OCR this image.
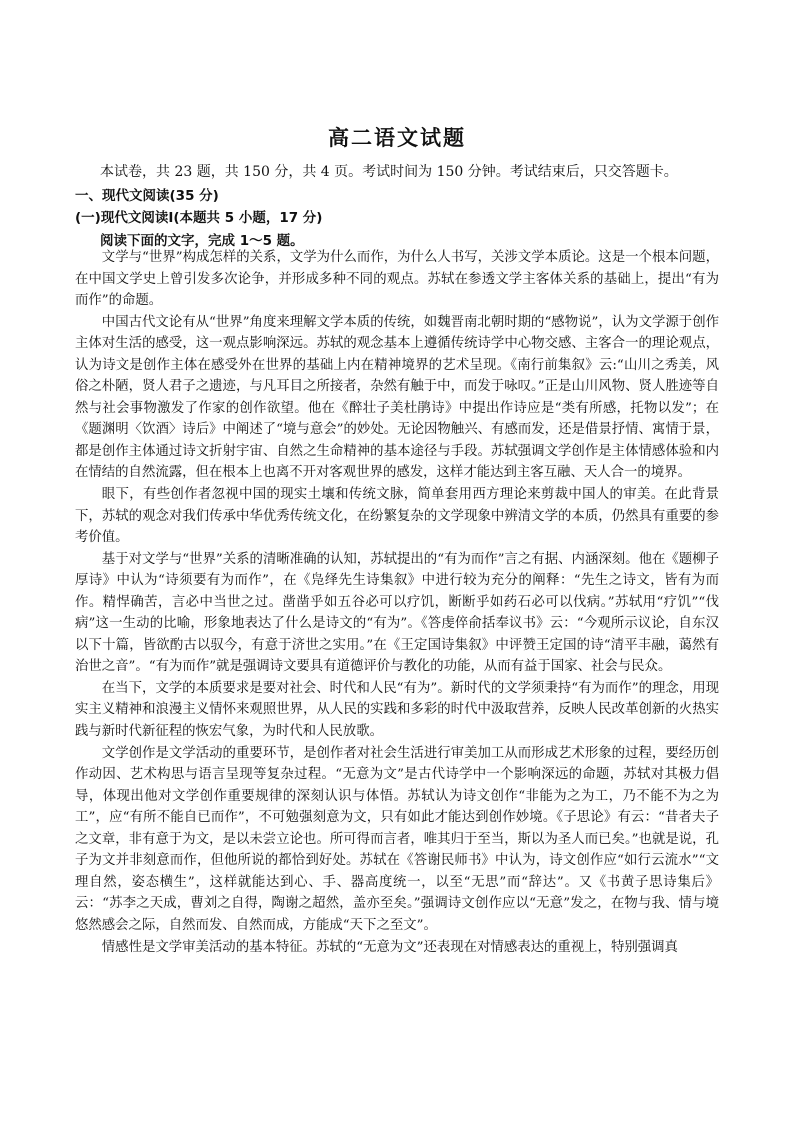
高二语文试题
本试卷，共 23 题，共 150 分，共 4 页。考试时间为 150 分钟。考试结束后，只交答题卡。
一、现代文阅读(35 分)
(一)现代文阅读Ⅰ(本题共 5 小题，17 分)
阅读下面的文字，完成 1～5 题。

文学与“世界”构成怎样的关系，文学为什么而作，为什么人书写，关涉文学本质论。这是一个根本问题，在中国文学史上曾引发多次论争，并形成多种不同的观点。苏轼在参透文学主客体关系的基础上，提出“有为而作”的命题。

中国古代文论有从“世界”角度来理解文学本质的传统，如魏晋南北朝时期的“感物说”，认为文学源于创作主体对生活的感受，这一观点影响深远。苏轼的观念基本上遵循传统诗学中心物交感、主客合一的理论观点，认为诗文是创作主体在感受外在世界的基础上内在精神境界的艺术呈现。《南行前集叙》云:“山川之秀美，风俗之朴陋，贤人君子之遗迹，与凡耳目之所接者，杂然有触于中，而发于咏叹。”正是山川风物、贤人胜迹等自然与社会事物激发了作家的创作欲望。他在《醉壮子美杜鹃诗》中提出作诗应是“类有所感，托物以发”；在《题渊明〈饮酒〉诗后》中阐述了“境与意会”的妙处。无论因物触兴、有感而发，还是借景抒情、寓情于景，都是创作主体通过诗文折射宇宙、自然之生命精神的基本途径与手段。苏轼强调文学创作是主体情感体验和内在情结的自然流露，但在根本上也离不开对客观世界的感发，这样才能达到主客互融、天人合一的境界。

眼下，有些创作者忽视中国的现实土壤和传统文脉，简单套用西方理论来剪裁中国人的审美。在此背景下，苏轼的观念对我们传承中华优秀传统文化，在纷繁复杂的文学现象中辨清文学的本质，仍然具有重要的参考价值。

基于对文学与“世界”关系的清晰准确的认知，苏轼提出的“有为而作”言之有据、内涵深刻。他在《题柳子厚诗》中认为“诗须要有为而作”，在《凫绎先生诗集叙》中进行较为充分的阐释：“先生之诗文，皆有为而作。精悍确苦，言必中当世之过。凿凿乎如五谷必可以疗饥，断断乎如药石必可以伐病。”苏轼用“疗饥”“伐病”这一生动的比喻，形象地表达了什么是诗文的“有为”。《答虔倅俞括奉议书》云：“今观所示议论，自东汉以下十篇，皆欲酌古以驭今，有意于济世之实用。”在《王定国诗集叙》中评赞王定国的诗“清平丰融，蔼然有治世之音”。“有为而作”就是强调诗文要具有道德评价与教化的功能，从而有益于国家、社会与民众。

在当下，文学的本质要求是要对社会、时代和人民“有为”。新时代的文学须秉持“有为而作”的理念，用现实主义精神和浪漫主义情怀来观照世界，从人民的实践和多彩的时代中汲取营养，反映人民改革创新的火热实践与新时代新征程的恢宏气象，为时代和人民放歌。

文学创作是文学活动的重要环节，是创作者对社会生活进行审美加工从而形成艺术形象的过程，要经历创作动因、艺术构思与语言呈现等复杂过程。“无意为文”是古代诗学中一个影响深远的命题，苏轼对其极力倡导，体现出他对文学创作重要规律的深刻认识与体悟。苏轼认为诗文创作“非能为之为工，乃不能不为之为工”，应“有所不能自已而作”，不可勉强刻意为文，只有如此才能达到创作妙境。《子思论》有云：“昔者夫子之文章，非有意于为文，是以未尝立论也。所可得而言者，唯其归于至当，斯以为圣人而已矣。”也就是说，孔子为文并非刻意而作，但他所说的都恰到好处。苏轼在《答谢民师书》中认为，诗文创作应“如行云流水”“文理自然，姿态横生”，这样就能达到心、手、器高度统一，以至“无思”而“辞达”。又《书黄子思诗集后》云：“苏李之天成，曹刘之自得，陶谢之超然，盖亦至矣。”强调诗文创作应以“无意”发之，在物与我、情与境悠然感会之际，自然而发、自然而成，方能成“天下之至文”。

情感性是文学审美活动的基本特征。苏轼的“无意为文”还表现在对情感表达的重视上，特别强调真
